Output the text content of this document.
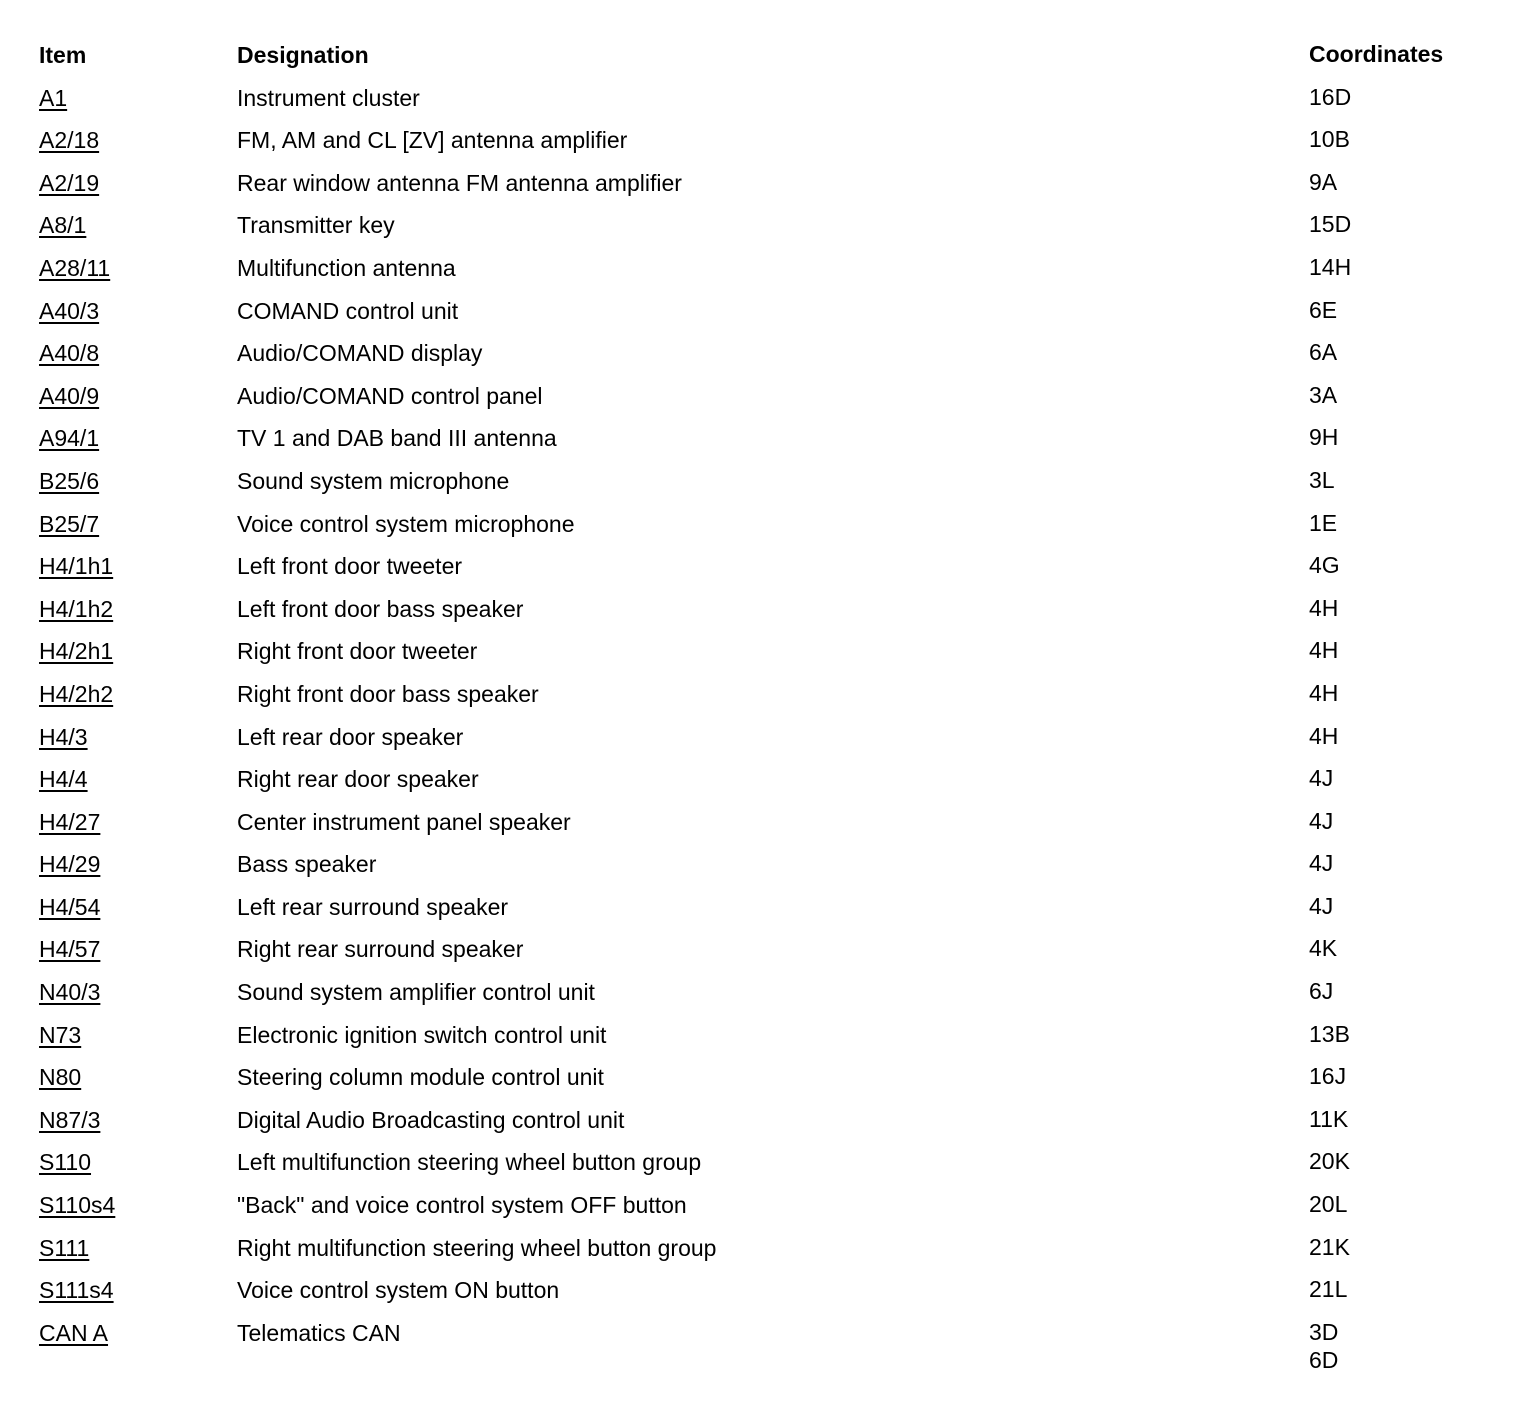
Item	Designation	Coordinates
A1	Instrument cluster	16D
A2/18	FM, AM and CL [ZV] antenna amplifier	10B
A2/19	Rear window antenna FM antenna amplifier	9A
A8/1	Transmitter key	15D
A28/11	Multifunction antenna	14H
A40/3	COMAND control unit	6E
A40/8	Audio/COMAND display	6A
A40/9	Audio/COMAND control panel	3A
A94/1	TV 1 and DAB band III antenna	9H
B25/6	Sound system microphone	3L
B25/7	Voice control system microphone	1E
H4/1h1	Left front door tweeter	4G
H4/1h2	Left front door bass speaker	4H
H4/2h1	Right front door tweeter	4H
H4/2h2	Right front door bass speaker	4H
H4/3	Left rear door speaker	4H
H4/4	Right rear door speaker	4J
H4/27	Center instrument panel speaker	4J
H4/29	Bass speaker	4J
H4/54	Left rear surround speaker	4J
H4/57	Right rear surround speaker	4K
N40/3	Sound system amplifier control unit	6J
N73	Electronic ignition switch control unit	13B
N80	Steering column module control unit	16J
N87/3	Digital Audio Broadcasting control unit	11K
S110	Left multifunction steering wheel button group	20K
S110s4	"Back" and voice control system OFF button	20L
S111	Right multifunction steering wheel button group	21K
S111s4	Voice control system ON button	21L
CAN A	Telematics CAN	3D
6D
